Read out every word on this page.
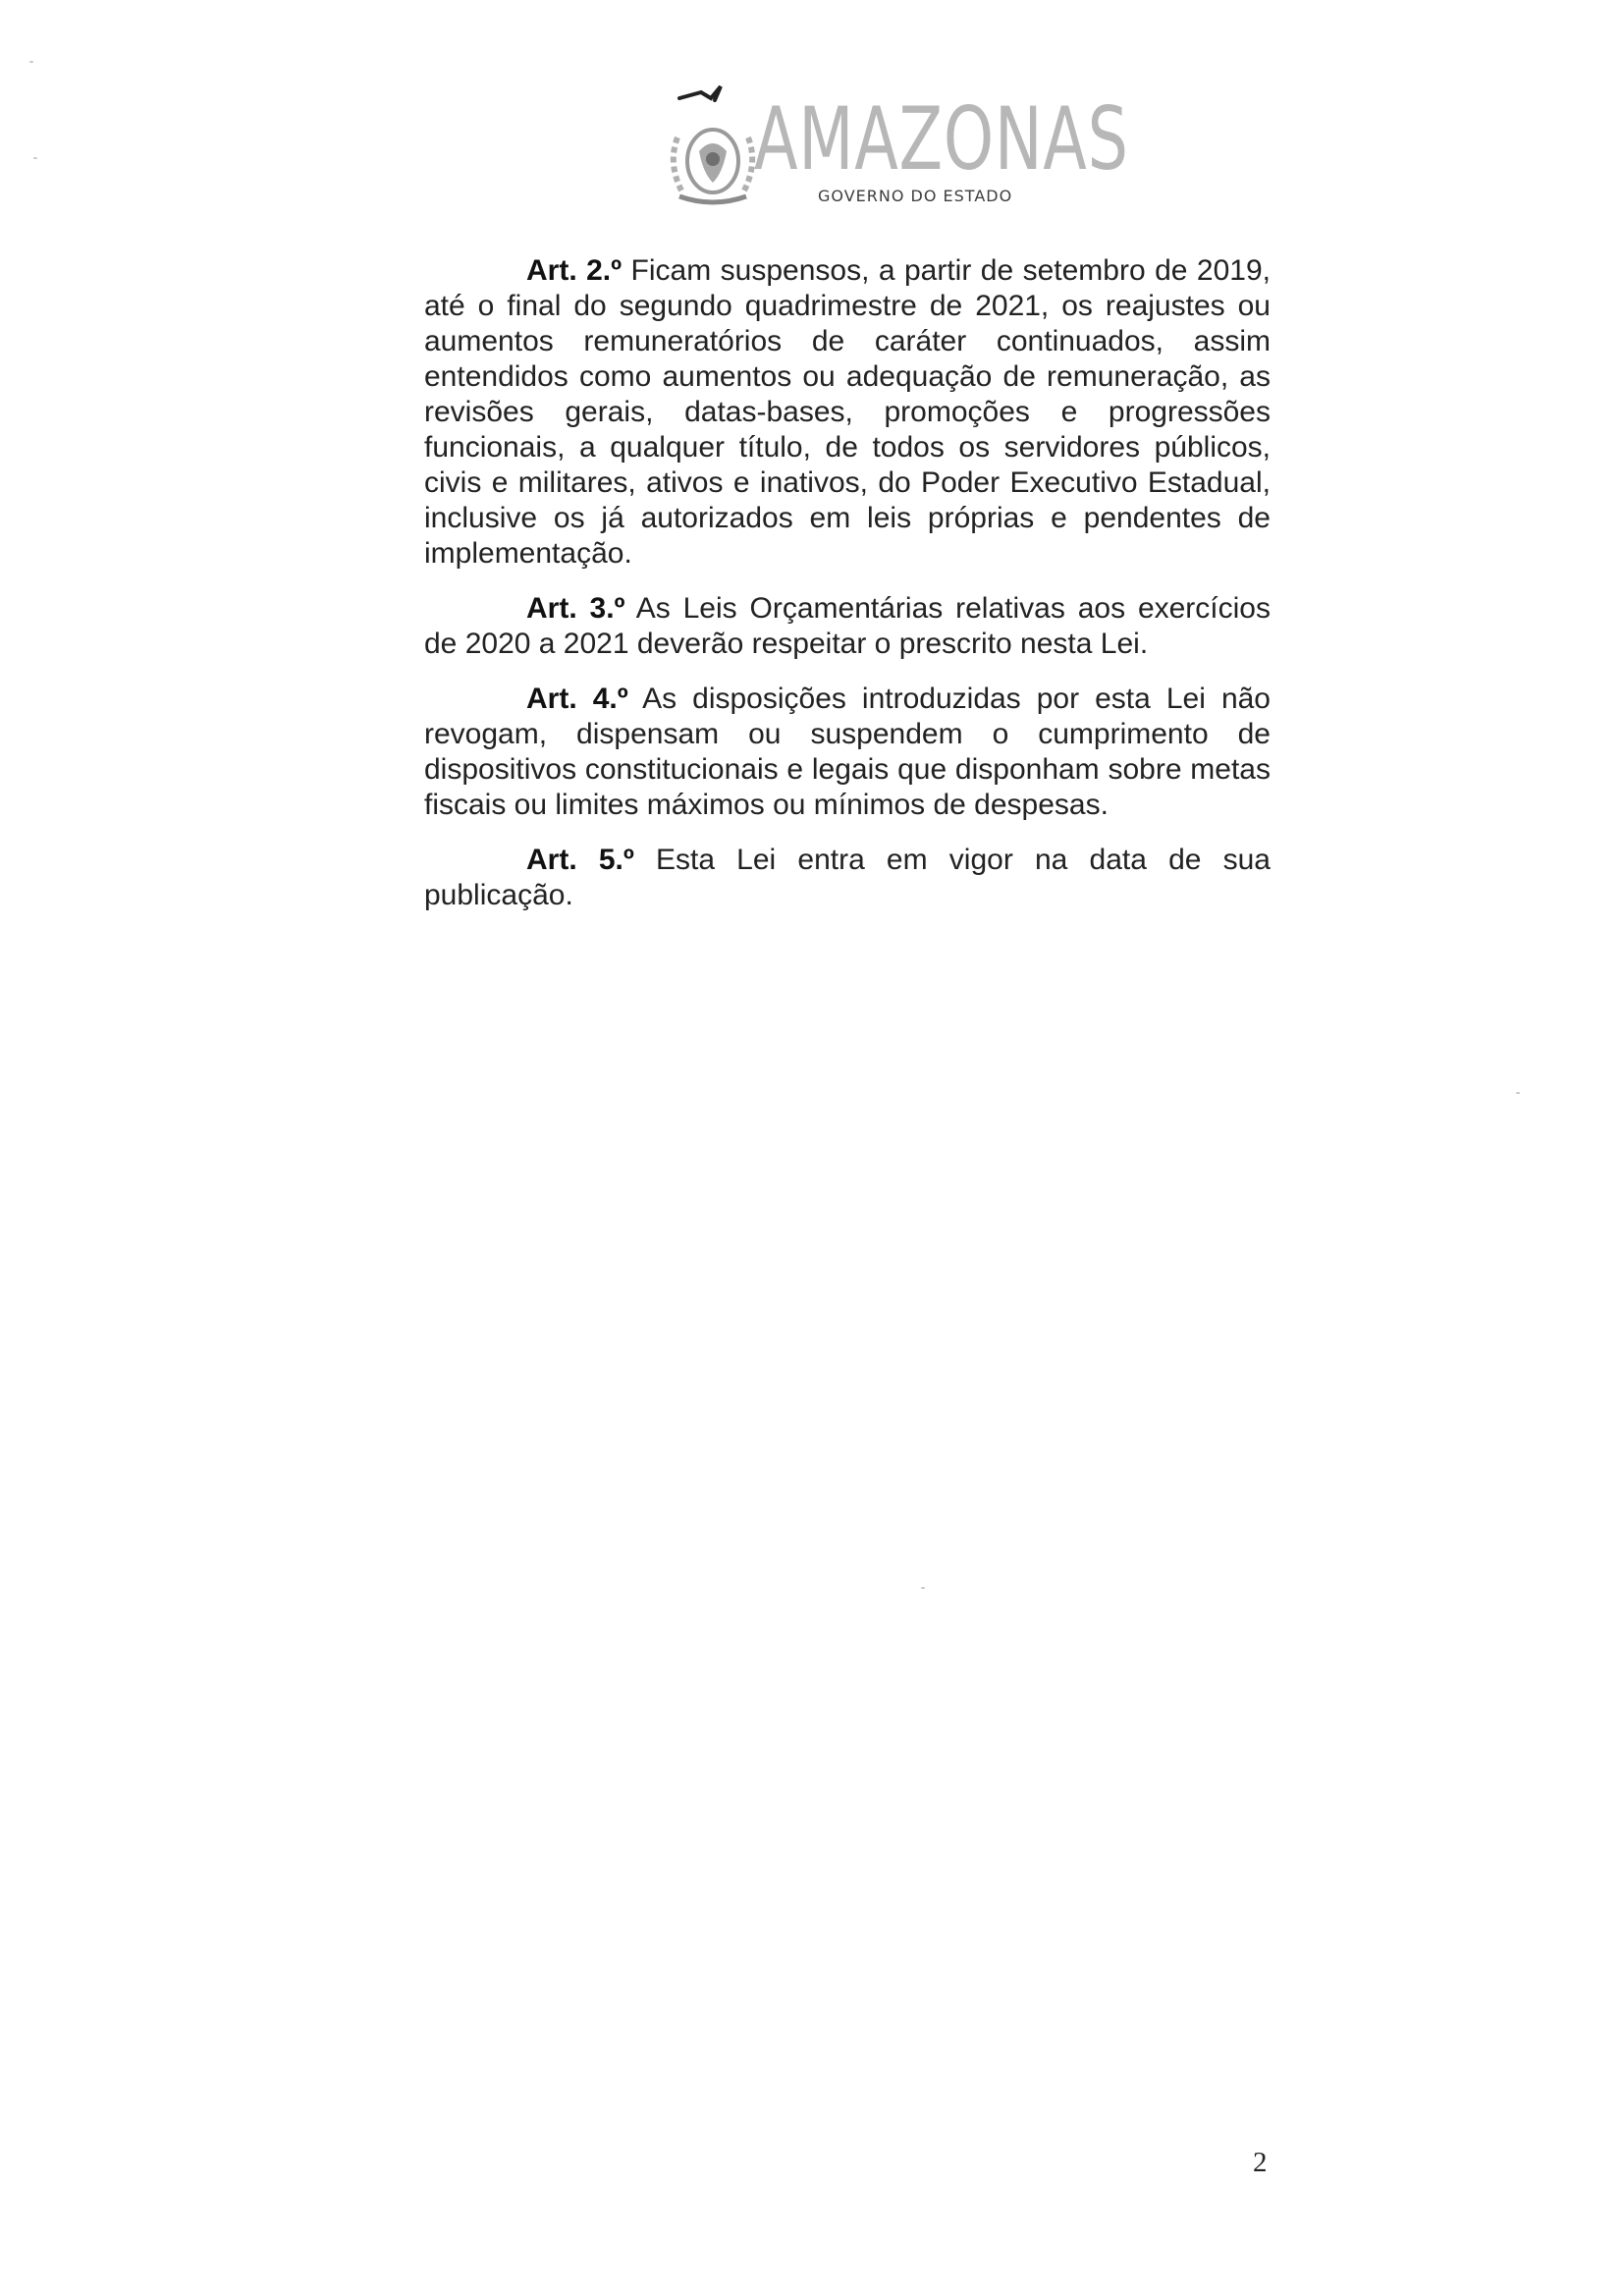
AMAZONAS
GOVERNO DO ESTADO

Art. 2.º Ficam suspensos, a partir de setembro de 2019, até o final do segundo quadrimestre de 2021, os reajustes ou aumentos remuneratórios de caráter continuados, assim entendidos como aumentos ou adequação de remuneração, as revisões gerais, datas-bases, promoções e progressões funcionais, a qualquer título, de todos os servidores públicos, civis e militares, ativos e inativos, do Poder Executivo Estadual, inclusive os já autorizados em leis próprias e pendentes de implementação.

Art. 3.º As Leis Orçamentárias relativas aos exercícios de 2020 a 2021 deverão respeitar o prescrito nesta Lei.

Art. 4.º As disposições introduzidas por esta Lei não revogam, dispensam ou suspendem o cumprimento de dispositivos constitucionais e legais que disponham sobre metas fiscais ou limites máximos ou mínimos de despesas.

Art. 5.º Esta Lei entra em vigor na data de sua publicação.

2
